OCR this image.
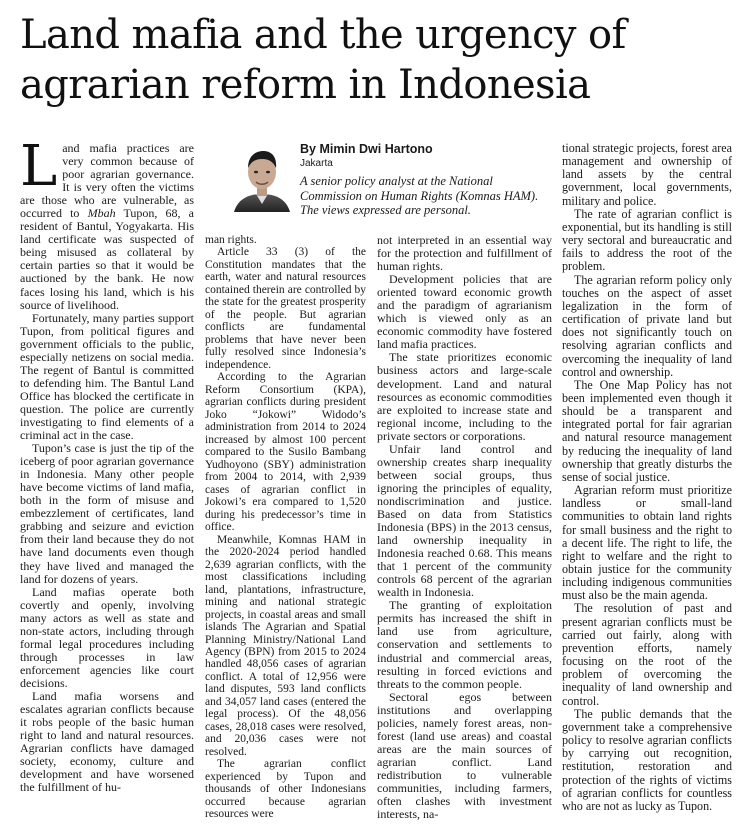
Land mafia and the urgency of agrarian reform in Indonesia
By Mimin Dwi Hartono
Jakarta
A senior policy analyst at the National Commission on Human Rights (Komnas HAM). The views expressed are personal.

Land mafia practices are very common because of poor agrarian governance. It is very often the victims are those who are vulnerable, as occurred to Mbah Tupon, 68, a resident of Bantul, Yogyakarta. His land certificate was suspected of being misused as collateral by certain parties so that it would be auctioned by the bank. He now faces losing his land, which is his source of livelihood.

Fortunately, many parties support Tupon, from political figures and government officials to the public, especially netizens on social media. The regent of Bantul is committed to defending him. The Bantul Land Office has blocked the certificate in question. The police are currently investigating to find elements of a criminal act in the case.

Tupon’s case is just the tip of the iceberg of poor agrarian governance in Indonesia. Many other people have become victims of land mafia, both in the form of misuse and embezzlement of certificates, land grabbing and seizure and eviction from their land because they do not have land documents even though they have lived and managed the land for dozens of years.

Land mafias operate both covertly and openly, involving many actors as well as state and non-state actors, including through formal legal procedures including through processes in law enforcement agencies like court decisions.

Land mafia worsens and escalates agrarian conflicts because it robs people of the basic human right to land and natural resources. Agrarian conflicts have damaged society, economy, culture and development and have worsened the fulfillment of hu-

man rights.

Article 33 (3) of the Constitution mandates that the earth, water and natural resources contained therein are controlled by the state for the greatest prosperity of the people. But agrarian conflicts are fundamental problems that have never been fully resolved since Indonesia’s independence.

According to the Agrarian Reform Consortium (KPA), agrarian conflicts during president Joko “Jokowi” Widodo’s administration from 2014 to 2024 increased by almost 100 percent compared to the Susilo Bambang Yudhoyono (SBY) administration from 2004 to 2014, with 2,939 cases of agrarian conflict in Jokowi’s era compared to 1,520 during his predecessor’s time in office.

Meanwhile, Komnas HAM in the 2020-2024 period handled 2,639 agrarian conflicts, with the most classifications including land, plantations, infrastructure, mining and national strategic projects, in coastal areas and small islands The Agrarian and Spatial Planning Ministry/National Land Agency (BPN) from 2015 to 2024 handled 48,056 cases of agrarian conflict. A total of 12,956 were land disputes, 593 land conflicts and 34,057 land cases (entered the legal process). Of the 48,056 cases, 28,018 cases were resolved, and 20,036 cases were not resolved.

The agrarian conflict experienced by Tupon and thousands of other Indonesians occurred because agrarian resources were

not interpreted in an essential way for the protection and fulfillment of human rights.

Development policies that are oriented toward economic growth and the paradigm of agrarianism which is viewed only as an economic commodity have fostered land mafia practices.

The state prioritizes economic business actors and large-scale development. Land and natural resources as economic commodities are exploited to increase state and regional income, including to the private sectors or corporations.

Unfair land control and ownership creates sharp inequality between social groups, thus ignoring the principles of equality, nondiscrimination and justice. Based on data from Statistics Indonesia (BPS) in the 2013 census, land ownership inequality in Indonesia reached 0.68. This means that 1 percent of the community controls 68 percent of the agrarian wealth in Indonesia.

The granting of exploitation permits has increased the shift in land use from agriculture, conservation and settlements to industrial and commercial areas, resulting in forced evictions and threats to the common people.

Sectoral egos between institutions and overlapping policies, namely forest areas, non-forest (land use areas) and coastal areas are the main sources of agrarian conflict. Land redistribution to vulnerable communities, including farmers, often clashes with investment interests, na-

tional strategic projects, forest area management and ownership of land assets by the central government, local governments, military and police.

The rate of agrarian conflict is exponential, but its handling is still very sectoral and bureaucratic and fails to address the root of the problem.

The agrarian reform policy only touches on the aspect of asset legalization in the form of certification of private land but does not significantly touch on resolving agrarian conflicts and overcoming the inequality of land control and ownership.

The One Map Policy has not been implemented even though it should be a transparent and integrated portal for fair agrarian and natural resource management by reducing the inequality of land ownership that greatly disturbs the sense of social justice.

Agrarian reform must prioritize landless or small-land communities to obtain land rights for small business and the right to a decent life. The right to life, the right to welfare and the right to obtain justice for the community including indigenous communities must also be the main agenda.

The resolution of past and present agrarian conflicts must be carried out fairly, along with prevention efforts, namely focusing on the root of the problem of overcoming the inequality of land ownership and control.

The public demands that the government take a comprehensive policy to resolve agrarian conflicts by carrying out recognition, restitution, restoration and protection of the rights of victims of agrarian conflicts for countless who are not as lucky as Tupon.
